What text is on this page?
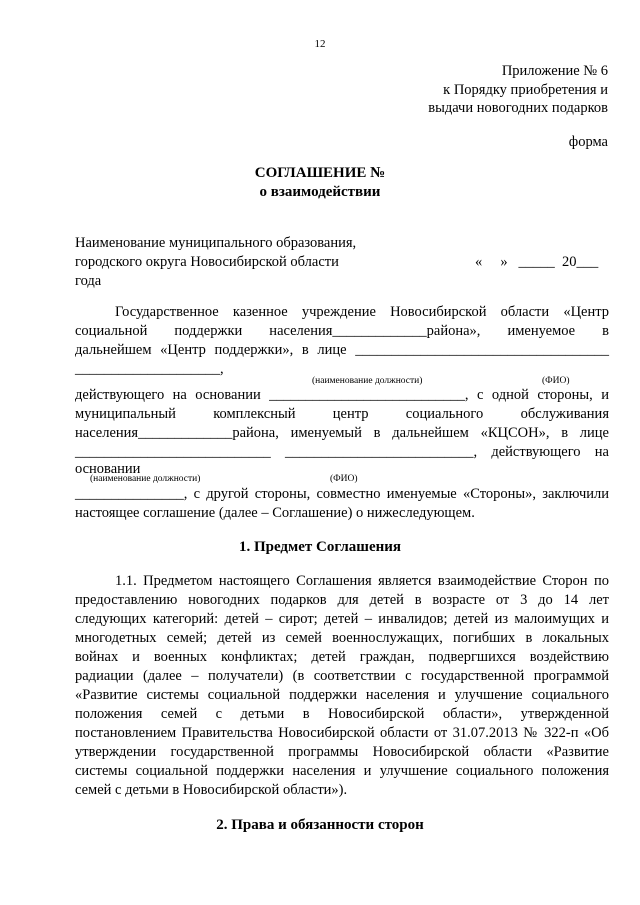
12
Приложение № 6
к Порядку приобретения и
выдачи новогодних подарков
форма
СОГЛАШЕНИЕ №
о взаимодействии
Наименование муниципального образования,
городского округа Новосибирской области	«     »   _____  20___
года
Государственное казенное учреждение Новосибирской области «Центр
социальной поддержки населения_____________района», именуемое в
дальнейшем «Центр поддержки», в лице ___________________________________
____________________,
(наименование должности)	(ФИО)
действующего на основании ___________________________, с одной стороны, и
муниципальный комплексный центр социального обслуживания
населения_____________района, именуемый в дальнейшем «КЦСОН», в лице
___________________________ __________________________, действующего на
основании
(наименование должности)	(ФИО)
_______________, с другой стороны, совместно именуемые «Стороны», заключили
настоящее соглашение (далее – Соглашение) о нижеследующем.
1. Предмет Соглашения
1.1. Предметом настоящего Соглашения является взаимодействие Сторон по
предоставлению новогодних подарков для детей в возрасте от 3 до 14 лет
следующих категорий: детей – сирот; детей – инвалидов; детей из малоимущих и
многодетных семей; детей из семей военнослужащих, погибших в локальных
войнах и военных конфликтах; детей граждан, подвергшихся воздействию
радиации (далее – получатели) (в соответствии с государственной программой
«Развитие системы социальной поддержки населения и улучшение социального
положения семей с детьми в Новосибирской области», утвержденной
постановлением Правительства Новосибирской области от 31.07.2013 № 322-п «Об
утверждении государственной программы Новосибирской области «Развитие
системы социальной поддержки населения и улучшение социального положения
семей с детьми в Новосибирской области»).
2. Права и обязанности сторон
